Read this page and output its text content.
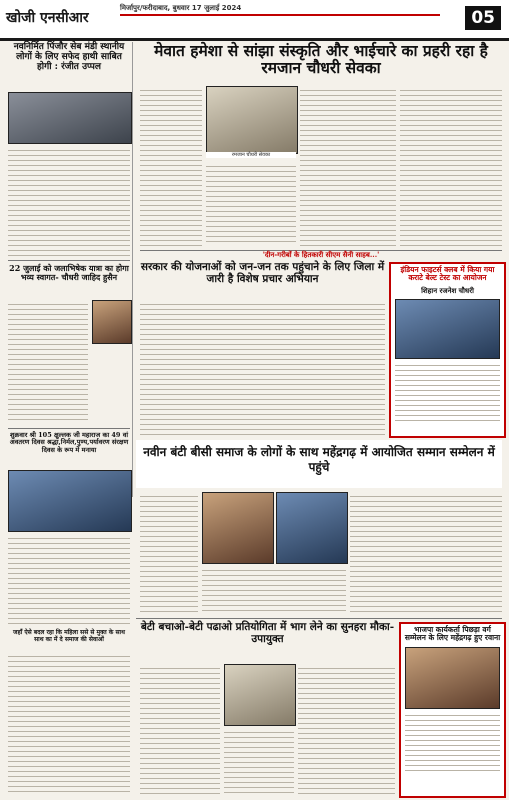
खोजी एनसीआर
मिर्जापुर/फरीदाबाद, बुधवार 17 जुलाई 2024	05
नवनिर्मित पिंजौर सेब मंडी स्थानीय लोगों के लिए सफेद हाथी साबित होगी : रंजीत उप्पल
22 जुलाई को जलाभिषेक यात्रा का होगा भव्य स्वागत- चौधरी जाहिद हुसैन
शुक्रवार श्री 105 क्षुल्लक जी महाराज का 49 वां अवतरण दिवस श्रद्धा,निर्मल,पुण्य,पर्यावरण संरक्षण दिवस के रूप में मनाया
जहाँ ऐसे बदल रहा कि महिला ससे से मुक्त के साथ साथ का में दे समाज की सेवाओं
मेवात हमेशा से सांझा संस्कृति और भाईचारे का प्रहरी रहा है रमजान चौधरी सेवका
रमजान चौधरी सेवका
'दीन-गरीबों के हितकारी सीएम सैनी साहब...'
सरकार की योजनाओं को जन-जन तक पहुंचाने के लिए जिला में जारी है विशेष प्रचार अभियान
इंडियन फाइटर्स क्लब में किया गया कराटे बेल्ट टेस्ट का आयोजन
शिहान रजनेश चौधरी
नवीन बंटी बीसी समाज के लोगों के साथ महेंद्रगढ़ में आयोजित सम्मान सम्मेलन में पहुंचे
बेटी बचाओ-बेटी पढाओ प्रतियोगिता में भाग लेने का सुनहरा मौका- उपायुक्त
भाजपा कार्यकर्ता पिछड़ा वर्ग सम्मेलन के लिए महेंद्रगढ़ हुए रवाना
